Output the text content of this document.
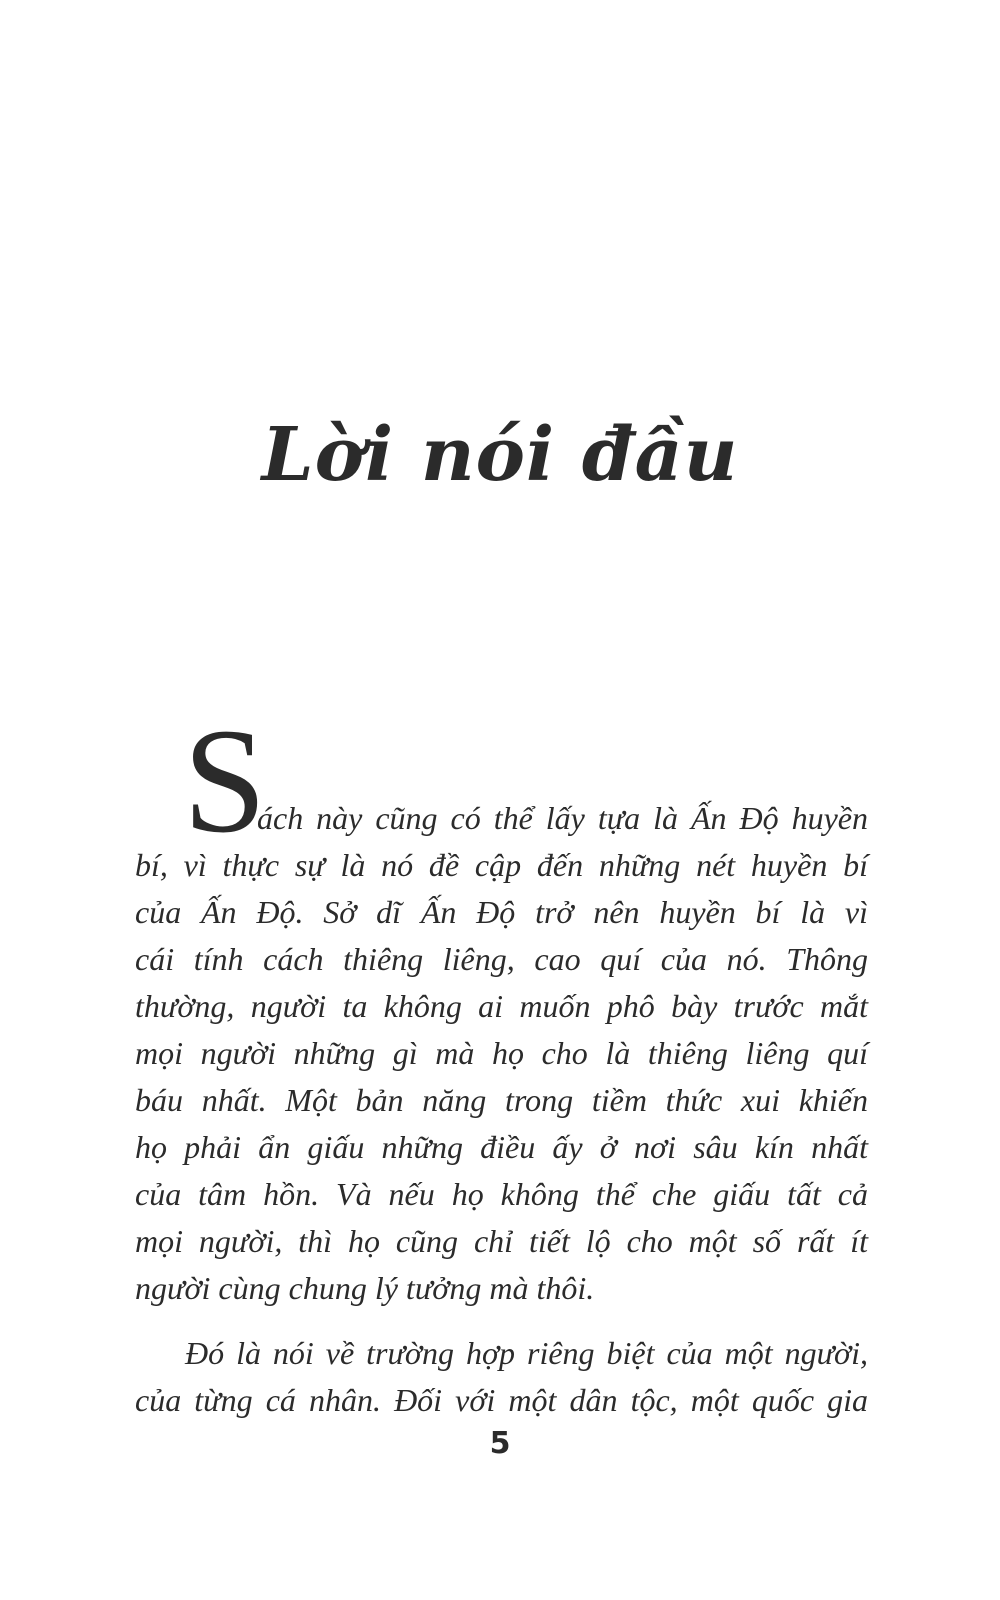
Lời nói đầu
S
ách này cũng có thể lấy tựa là Ấn Độ huyền
bí, vì thực sự là nó đề cập đến những nét huyền bí
của Ấn Độ. Sở dĩ Ấn Độ trở nên huyền bí là vì
cái tính cách thiêng liêng, cao quí của nó. Thông
thường, người ta không ai muốn phô bày trước mắt
mọi người những gì mà họ cho là thiêng liêng quí
báu nhất. Một bản năng trong tiềm thức xui khiến
họ phải ẩn giấu những điều ấy ở nơi sâu kín nhất
của tâm hồn. Và nếu họ không thể che giấu tất cả
mọi người, thì họ cũng chỉ tiết lộ cho một số rất ít
người cùng chung lý tưởng mà thôi.
Đó là nói về trường hợp riêng biệt của một người,
của từng cá nhân. Đối với một dân tộc, một quốc gia
5
